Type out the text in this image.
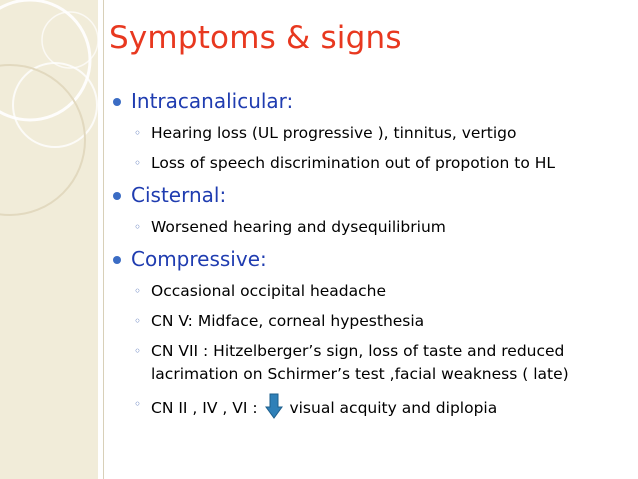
Symptoms & signs
Intracanalicular:
◦ Hearing loss (UL progressive ), tinnitus, vertigo
◦ Loss of speech discrimination out of propotion to HL
Cisternal:
◦ Worsened hearing and dysequilibrium
Compressive:
◦ Occasional occipital headache
◦ CN V: Midface, corneal hypesthesia
◦ CN VII : Hitzelberger’s sign, loss of taste and reduced
lacrimation on Schirmer’s test ,facial weakness ( late)
◦ CN II , IV , VI : visual acquity and diplopia
